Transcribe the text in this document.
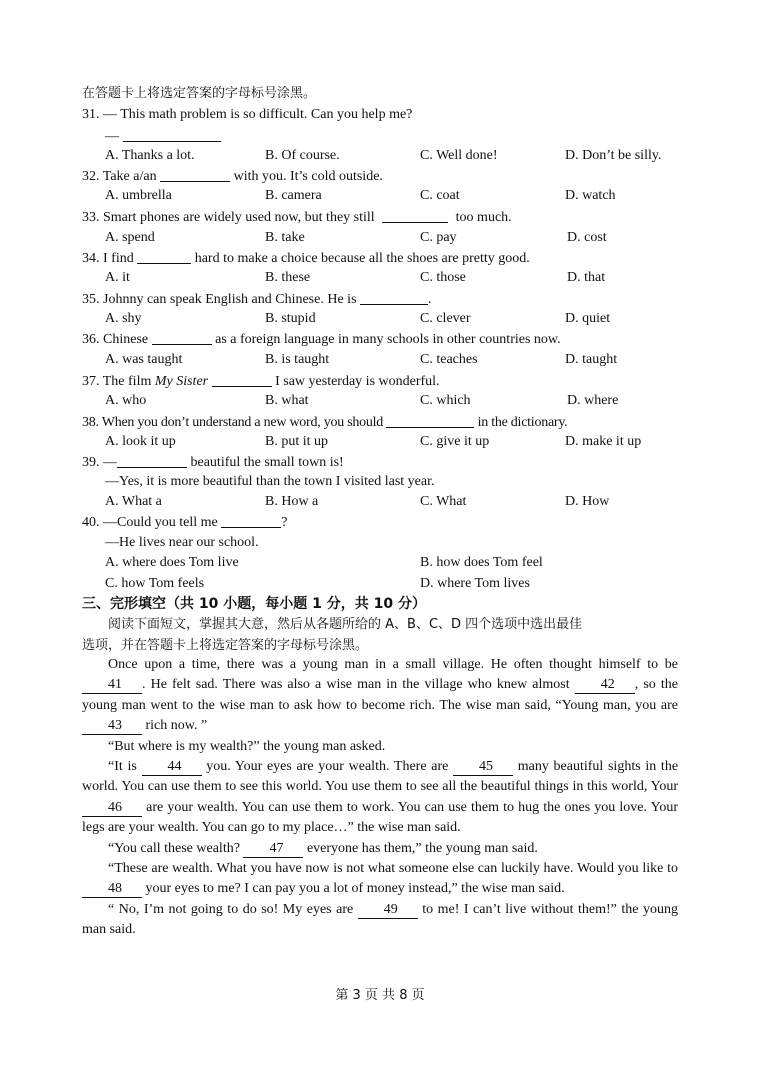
在答题卡上将选定答案的字母标号涂黑。
31. — This math problem is so difficult. Can you help me?
—
A. Thanks a lot.	B. Of course.	C. Well done!	D. Don’t be silly.
32. Take a/an	with you. It’s cold outside.
A. umbrella	B. camera	C. coat	D. watch
33. Smart phones are widely used now, but they still	too much.
A. spend	B. take	C. pay	D. cost
34. I find	hard to make a choice because all the shoes are pretty good.
A. it	B. these	C. those	D. that
35. Johnny can speak English and Chinese. He is	.
A. shy	B. stupid	C. clever	D. quiet
36. Chinese	as a foreign language in many schools in other countries now.
A. was taught	B. is taught	C. teaches	D. taught
37. The film My Sister	I saw yesterday is wonderful.
A. who	B. what	C. which	D. where
38. When you don’t understand a new word, you should	in the dictionary.
A. look it up	B. put it up	C. give it up	D. make it up
39. —	beautiful the small town is!
—Yes, it is more beautiful than the town I visited last year.
A. What a	B. How a	C. What	D. How
40. —Could you tell me	?
—He lives near our school.
A. where does Tom live	B. how does Tom feel
C. how Tom feels	D. where Tom lives
三、完形填空（共 10 小题，每小题 1 分，共 10 分）
阅读下面短文，掌握其大意，然后从各题所给的 A、B、C、D 四个选项中选出最佳
选项，并在答题卡上将选定答案的字母标号涂黑。

Once upon a time, there was a young man in a small village. He often thought himself to be 41 . He felt sad. There was also a wise man in the village who knew almost 42 , so the young man went to the wise man to ask how to become rich. The wise man said, “Young man, you are 43 rich now. ”

“But where is my wealth?” the young man asked.

“It is 44 you. Your eyes are your wealth. There are 45 many beautiful sights in the world. You can use them to see this world. You use them to see all the beautiful things in this world, Your 46 are your wealth. You can use them to work. You can use them to hug the ones you love. Your legs are your wealth. You can go to my place…” the wise man said.

“You call these wealth? 47 everyone has them,” the young man said.

“These are wealth. What you have now is not what someone else can luckily have. Would you like to 48 your eyes to me? I can pay you a lot of money instead,” the wise man said.

“ No, I’m not going to do so! My eyes are 49 to me! I can’t live without them!” the young man said.

第 3 页 共 8 页
